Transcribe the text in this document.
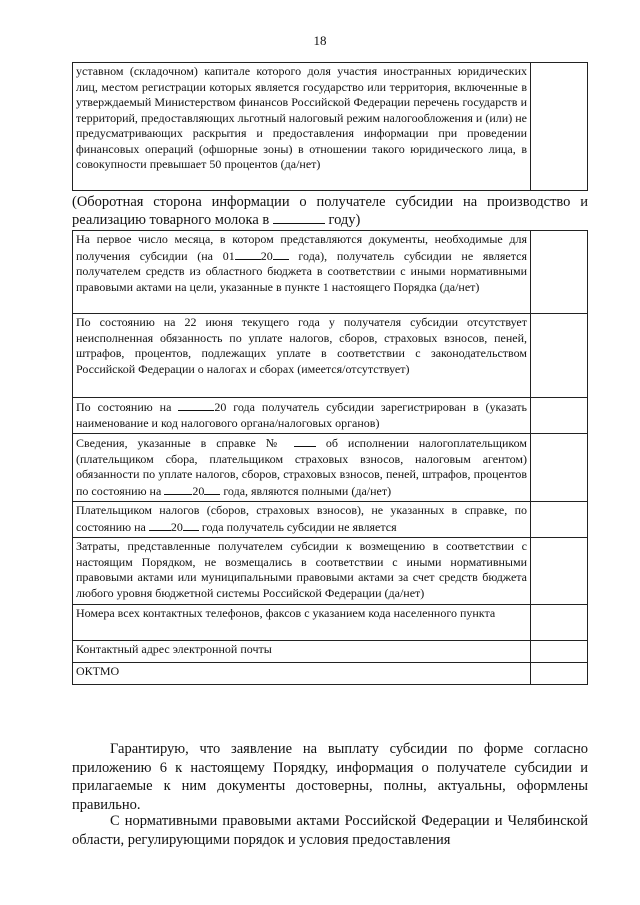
18
уставном (складочном) капитале которого доля участия иностранных юридических лиц, местом регистрации которых является государство или территория, включенные в утверждаемый Министерством финансов Российской Федерации перечень государств и территорий, предоставляющих льготный налоговый режим налогообложения и (или) не предусматривающих раскрытия и предоставления информации при проведении финансовых операций (офшорные зоны) в отношении такого юридического лица, в совокупности превышает 50 процентов (да/нет)	
(Оборотная сторона информации о получателе субсидии на производство и реализацию товарного молока в	году)
На первое число месяца, в котором представляются документы, необходимые для получения субсидии (на 01 20 года), получатель субсидии не является получателем средств из областного бюджета в соответствии с иными нормативными правовыми актами на цели, указанные в пункте 1 настоящего Порядка (да/нет)	
По состоянию на 22 июня текущего года у получателя субсидии отсутствует неисполненная обязанность по уплате налогов, сборов, страховых взносов, пеней, штрафов, процентов, подлежащих уплате в соответствии с законодательством Российской Федерации о налогах и сборах (имеется/отсутствует)	
По состоянию на 20 года получатель субсидии зарегистрирован в (указать наименование и код налогового органа/налоговых органов)	
Сведения, указанные в справке № об исполнении налогоплательщиком (плательщиком сбора, плательщиком страховых взносов, налоговым агентом) обязанности по уплате налогов, сборов, страховых взносов, пеней, штрафов, процентов по состоянию на 20 года, являются полными (да/нет)	
Плательщиком налогов (сборов, страховых взносов), не указанных в справке, по состоянию на 20 года получатель субсидии не является	
Затраты, представленные получателем субсидии к возмещению в соответствии с настоящим Порядком, не возмещались в соответствии с иными нормативными правовыми актами или муниципальными правовыми актами за счет средств бюджета любого уровня бюджетной системы Российской Федерации (да/нет)	
Номера всех контактных телефонов, факсов с указанием кода населенного пункта	
Контактный адрес электронной почты	
ОКТМО	
Гарантирую, что заявление на выплату субсидии по форме согласно приложению 6 к настоящему Порядку, информация о получателе субсидии и прилагаемые к ним документы достоверны, полны, актуальны, оформлены правильно.
С нормативными правовыми актами Российской Федерации и Челябинской области, регулирующими порядок и условия предоставления
